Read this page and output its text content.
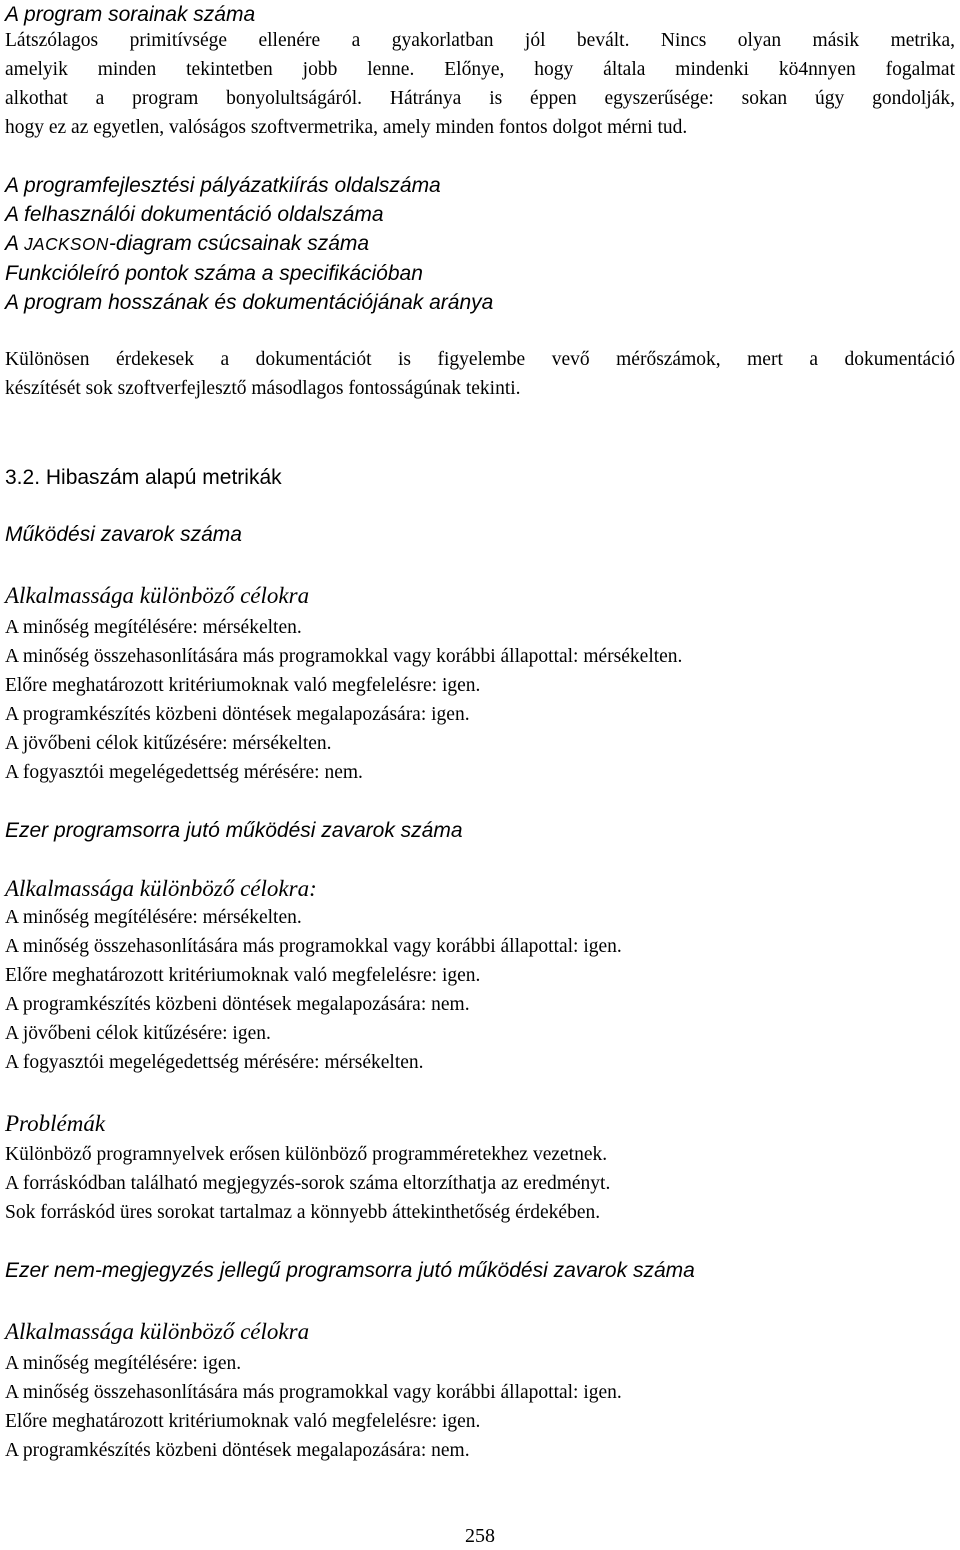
A program sorainak száma
Látszólagos primitívsége ellenére a gyakorlatban jól bevált. Nincs olyan másik metrika,
amelyik minden tekintetben jobb lenne. Előnye, hogy általa mindenki kö4nnyen fogalmat
alkothat a program bonyolultságáról. Hátránya is éppen egyszerűsége: sokan úgy gondolják,
hogy ez az egyetlen, valóságos szoftvermetrika, amely minden fontos dolgot mérni tud.
A programfejlesztési pályázatkiírás oldalszáma
A felhasználói dokumentáció oldalszáma
A JACKSON-diagram csúcsainak száma
Funkcióleíró pontok száma a specifikációban
A program hosszának és dokumentációjának aránya
Különösen érdekesek a dokumentációt is figyelembe vevő mérőszámok, mert a dokumentáció
készítését sok szoftverfejlesztő másodlagos fontosságúnak tekinti.
3.2. Hibaszám alapú metrikák
Működési zavarok száma
Alkalmassága különböző célokra
A minőség megítélésére: mérsékelten.
A minőség összehasonlítására más programokkal vagy korábbi állapottal: mérsékelten.
Előre meghatározott kritériumoknak való megfelelésre: igen.
A programkészítés közbeni döntések megalapozására: igen.
A jövőbeni célok kitűzésére: mérsékelten.
A fogyasztói megelégedettség mérésére: nem.
Ezer programsorra jutó működési zavarok száma
Alkalmassága különböző célokra:
A minőség megítélésére: mérsékelten.
A minőség összehasonlítására más programokkal vagy korábbi állapottal: igen.
Előre meghatározott kritériumoknak való megfelelésre: igen.
A programkészítés közbeni döntések megalapozására: nem.
A jövőbeni célok kitűzésére: igen.
A fogyasztói megelégedettség mérésére: mérsékelten.
Problémák
Különböző programnyelvek erősen különböző programméretekhez vezetnek.
A forráskódban található megjegyzés-sorok száma eltorzíthatja az eredményt.
Sok forráskód üres sorokat tartalmaz a könnyebb áttekinthetőség érdekében.
Ezer nem-megjegyzés jellegű programsorra jutó működési zavarok száma
Alkalmassága különböző célokra
A minőség megítélésére: igen.
A minőség összehasonlítására más programokkal vagy korábbi állapottal: igen.
Előre meghatározott kritériumoknak való megfelelésre: igen.
A programkészítés közbeni döntések megalapozására: nem.
258
